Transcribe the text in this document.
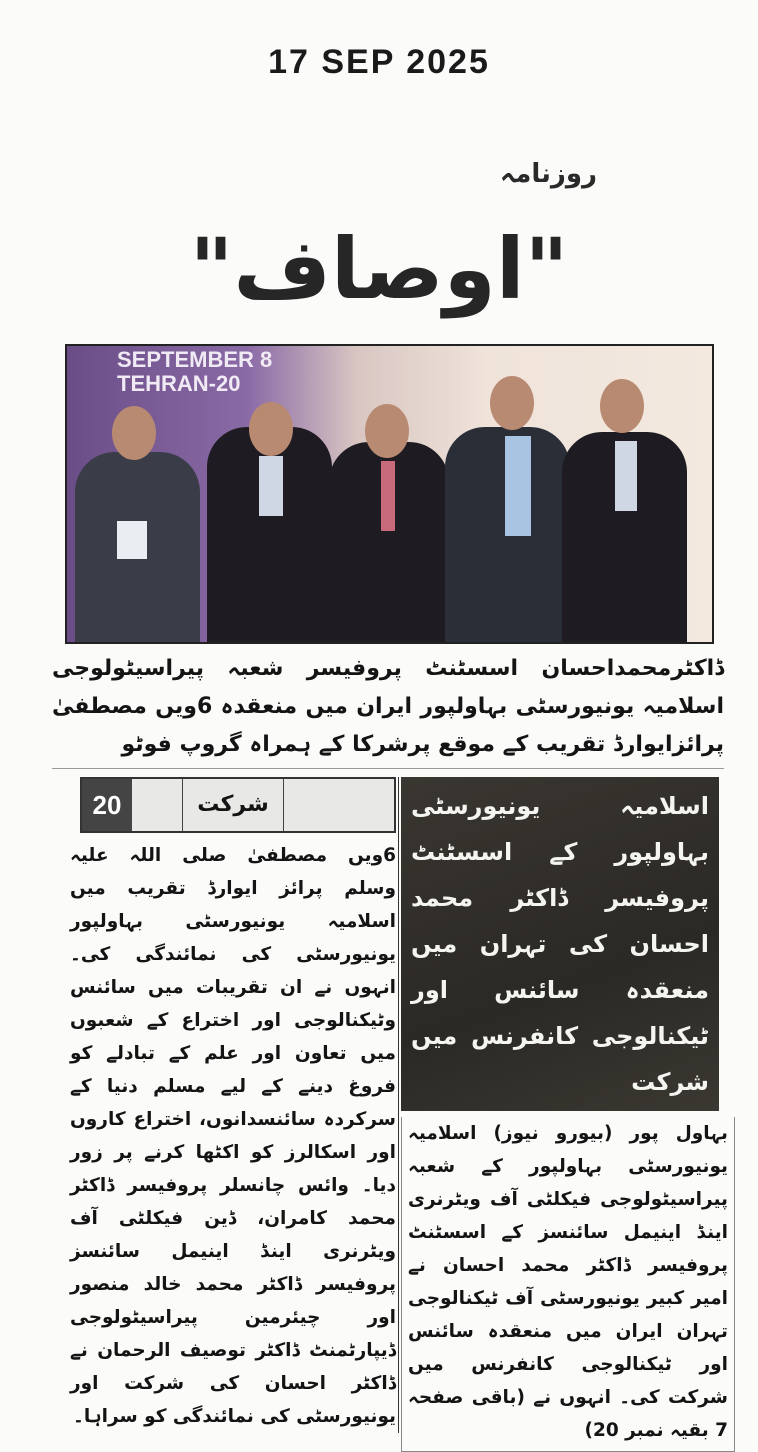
17 SEP 2025
روزنامہ
"اوصاف"
SEPTEMBER 8
TEHRAN-20
ڈاکٹرمحمداحسان اسسٹنٹ پروفیسر شعبہ پیراسیٹولوجی اسلامیہ یونیورسٹی بہاولپور ایران میں منعقدہ 6ویں مصطفیٰ پرائزایوارڈ تقریب کے موقع پرشرکا کے ہمراہ گروپ فوٹو
20	شرکت
6ویں مصطفیٰ صلی اللہ علیہ وسلم پرائز ایوارڈ تقریب میں اسلامیہ یونیورسٹی بہاولپور یونیورسٹی کی نمائندگی کی۔ انہوں نے ان تقریبات میں سائنس وٹیکنالوجی اور اختراع کے شعبوں میں تعاون اور علم کے تبادلے کو فروغ دینے کے لیے مسلم دنیا کے سرکردہ سائنسدانوں، اختراع کاروں اور اسکالرز کو اکٹھا کرنے پر زور دیا۔ وائس چانسلر پروفیسر ڈاکٹر محمد کامران، ڈین فیکلٹی آف ویٹرنری اینڈ اینیمل سائنسز پروفیسر ڈاکٹر محمد خالد منصور اور چیئرمین پیراسیٹولوجی ڈیپارٹمنٹ ڈاکٹر توصیف الرحمان نے ڈاکٹر احسان کی شرکت اور یونیورسٹی کی نمائندگی کو سراہا۔
اسلامیہ یونیورسٹی بہاولپور کے اسسٹنٹ پروفیسر ڈاکٹر محمد احسان کی تہران میں منعقدہ سائنس اور ٹیکنالوجی کانفرنس میں شرکت
بہاول پور (بیورو نیوز) اسلامیہ یونیورسٹی بہاولپور کے شعبہ پیراسیٹولوجی فیکلٹی آف ویٹرنری اینڈ اینیمل سائنسز کے اسسٹنٹ پروفیسر ڈاکٹر محمد احسان نے امیر کبیر یونیورسٹی آف ٹیکنالوجی تہران ایران میں منعقدہ سائنس اور ٹیکنالوجی کانفرنس میں شرکت کی۔ انہوں نے (باقی صفحہ 7 بقیہ نمبر 20)
